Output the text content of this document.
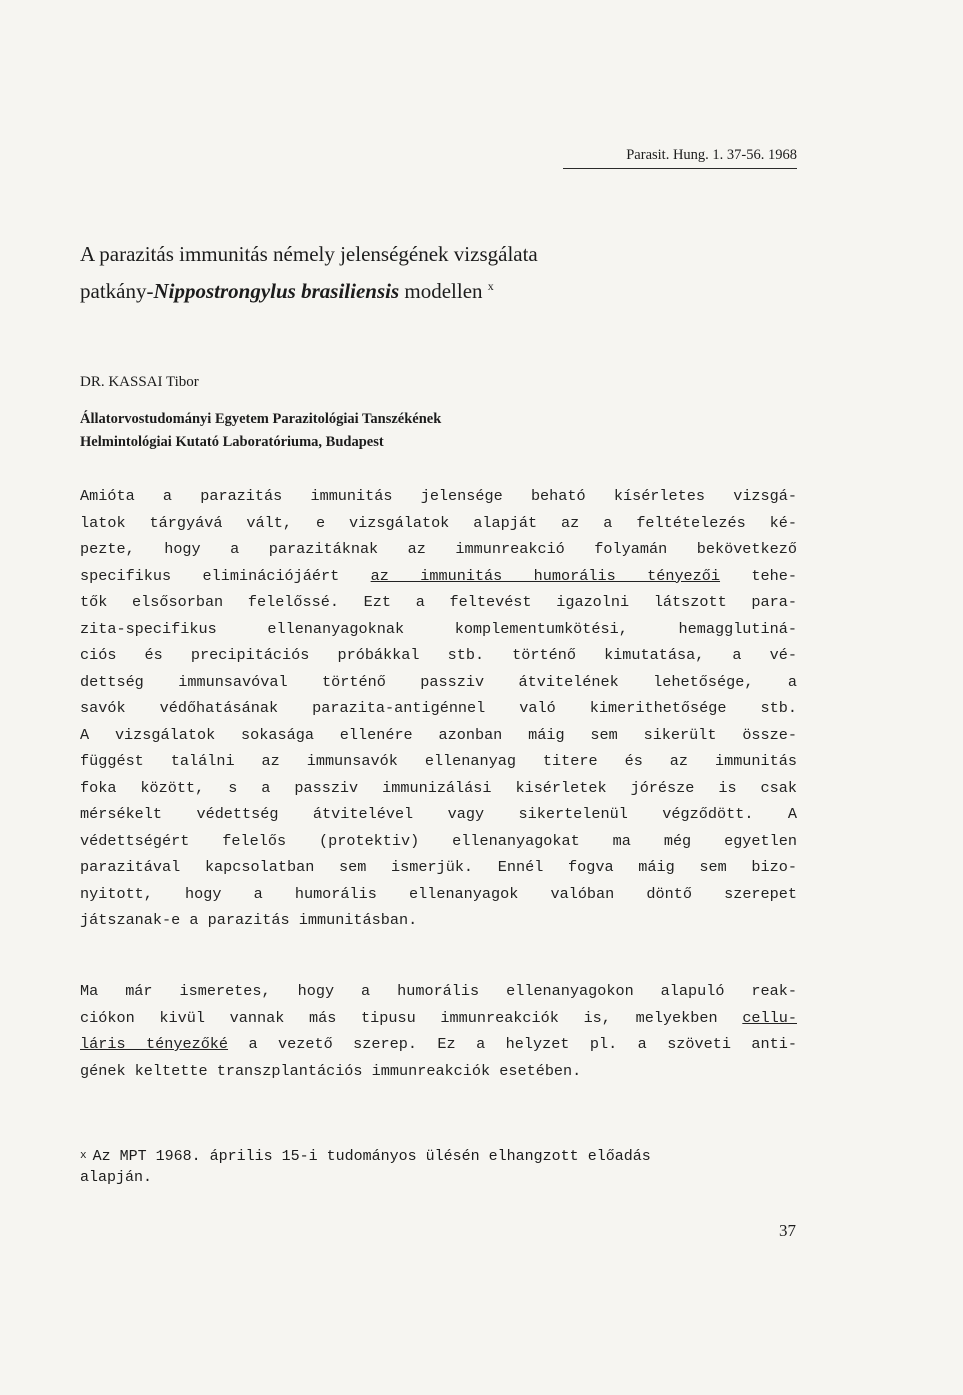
Parasit. Hung. 1. 37-56. 1968
A parazitás immunitás némely jelenségének vizsgálata
patkány-Nippostrongylus brasiliensis modellen $^x$
DR. KASSAI Tibor
Állatorvostudományi Egyetem Parazitológiai Tanszékének
Helmintológiai Kutató Laboratóriuma, Budapest
Amióta a parazitás immunitás jelensége beható kísérletes vizsgá-
latok tárgyává vált, e vizsgálatok alapját az a feltételezés ké-
pezte, hogy a parazitáknak az immunreakció folyamán bekövetkező
specifikus eliminációjáért az immunitás humorális tényezői tehe-
tők elsősorban felelőssé. Ezt a feltevést igazolni látszott para-
zita-specifikus ellenanyagoknak komplementumkötési, hemagglutiná-
ciós és precipitációs próbákkal stb. történő kimutatása, a vé-
dettség immunsavóval történő passziv átvitelének lehetősége, a
savók védőhatásának parazita-antigénnel való kimerithetősége stb.
A vizsgálatok sokasága ellenére azonban máig sem sikerült össze-
függést találni az immunsavók ellenanyag titere és az immunitás
foka között, s a passziv immunizálási kisérletek jórésze is csak
mérsékelt védettség átvitelével vagy sikertelenül végződött. A
védettségért felelős (protektiv) ellenanyagokat ma még egyetlen
parazitával kapcsolatban sem ismerjük. Ennél fogva máig sem bizo-
nyitott, hogy a humorális ellenanyagok valóban döntő szerepet
játszanak-e a parazitás immunitásban.
Ma már ismeretes, hogy a humorális ellenanyagokon alapuló reak-
ciókon kivül vannak más tipusu immunreakciók is, melyekben cellu-
láris tényezőké a vezető szerep. Ez a helyzet pl. a szöveti anti-
gének keltette transzplantációs immunreakciók esetében.
$^x$ Az MPT 1968. április 15-i tudományos ülésén elhangzott előadás
alapján.
37
